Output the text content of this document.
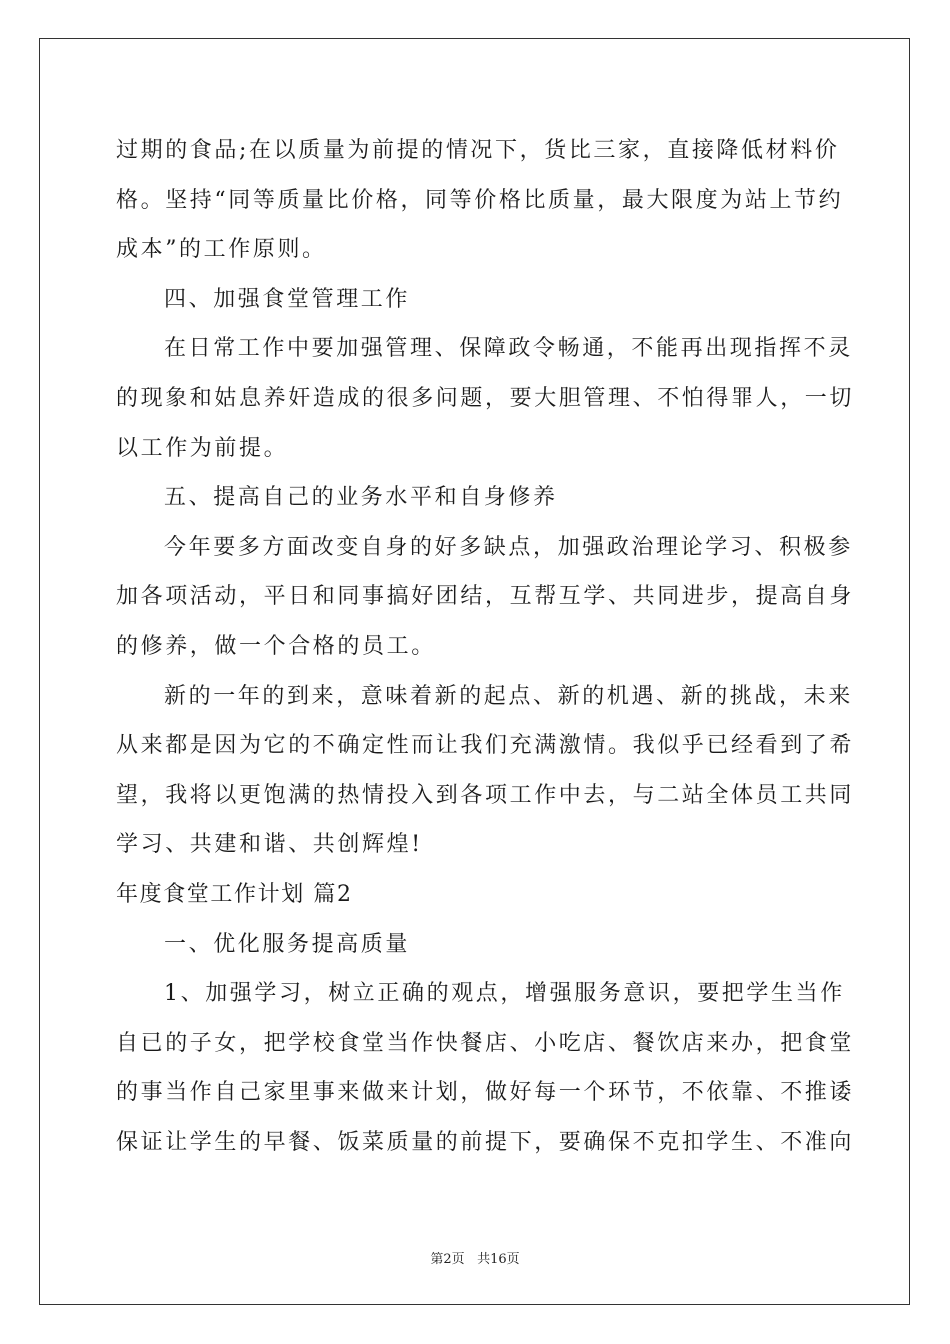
过期的食品;在以质量为前提的情况下，货比三家，直接降低材料价
格。坚持“同等质量比价格，同等价格比质量，最大限度为站上节约
成本”的工作原则。
四、加强食堂管理工作
在日常工作中要加强管理、保障政令畅通，不能再出现指挥不灵
的现象和姑息养奸造成的很多问题，要大胆管理、不怕得罪人，一切
以工作为前提。
五、提高自己的业务水平和自身修养
今年要多方面改变自身的好多缺点，加强政治理论学习、积极参
加各项活动，平日和同事搞好团结，互帮互学、共同进步，提高自身
的修养，做一个合格的员工。
新的一年的到来，意味着新的起点、新的机遇、新的挑战，未来
从来都是因为它的不确定性而让我们充满激情。我似乎已经看到了希
望，我将以更饱满的热情投入到各项工作中去，与二站全体员工共同
学习、共建和谐、共创辉煌!
年度食堂工作计划 篇2
一、优化服务提高质量
1、加强学习，树立正确的观点，增强服务意识，要把学生当作
自已的子女，把学校食堂当作快餐店、小吃店、餐饮店来办，把食堂
的事当作自己家里事来做来计划，做好每一个环节，不依靠、不推诿
保证让学生的早餐、饭菜质量的前提下，要确保不克扣学生、不准向
第2页 共16页
